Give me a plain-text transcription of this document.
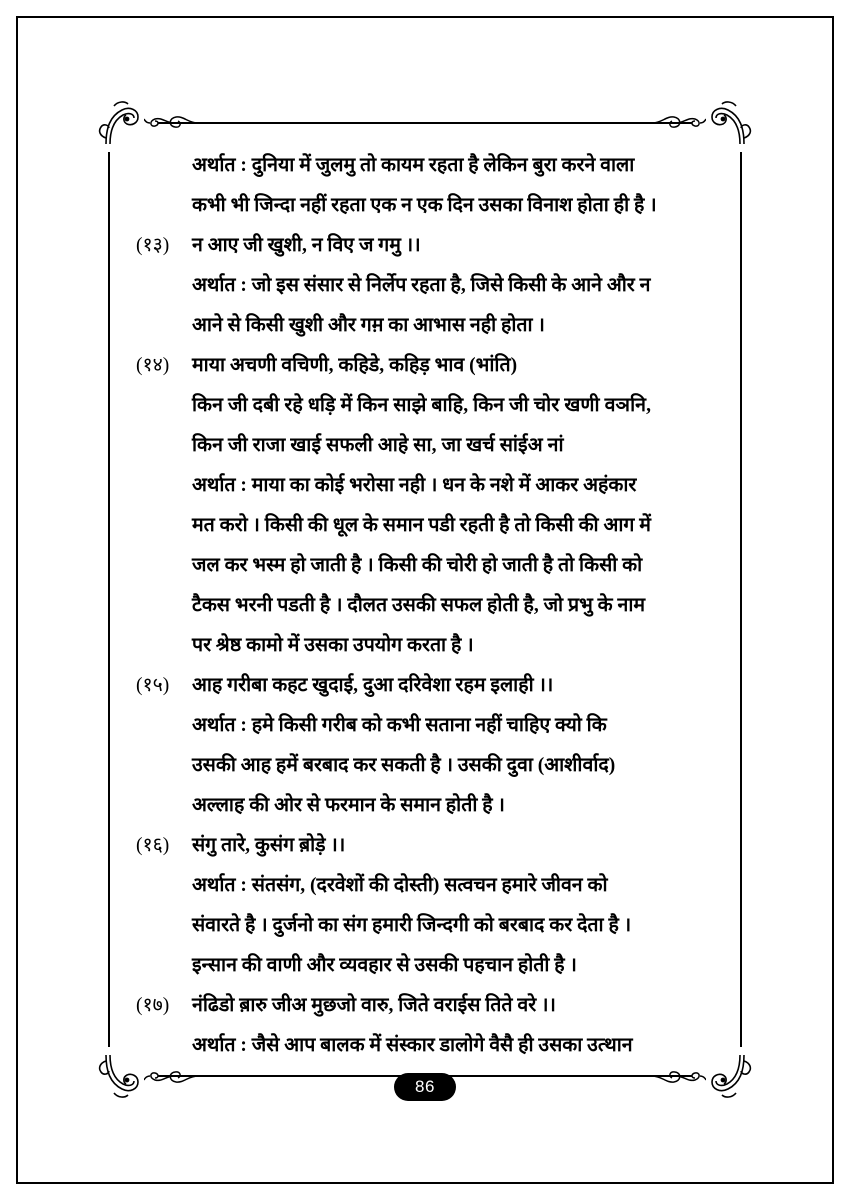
अर्थात : दुनिया में जुलमु तो कायम रहता है लेकिन बुरा करने वाला
कभी भी जिन्दा नहीं रहता एक न एक दिन उसका विनाश होता ही है ।
(१३)	न आए जी खुशी, न विए ज गमु ।।
अर्थात : जो इस संसार से निर्लेप रहता है, जिसे किसी के आने और न
आने से किसी खुशी और गम़ का आभास नही होता ।
(१४)	माया अचणी वचिणी, कहिडे, कहिड़ भाव (भांति)
किन जी दबी रहे धड़ि में किन साझे बाहि, किन जी चोर खणी वञनि,
किन जी राजा खाई सफली आहे सा, जा खर्च सांईअ नां
अर्थात : माया का कोई भरोसा नही । धन के नशे में आकर अहंकार
मत करो । किसी की धूल के समान पडी रहती है तो किसी की आग में
जल कर भस्म हो जाती है । किसी की चोरी हो जाती है तो किसी को
टैकस भरनी पडती है । दौलत उसकी सफल होती है, जो प्रभु के नाम
पर श्रेष्ठ कामो में उसका उपयोग करता है ।
(१५)	आह गरीबा कहट खुदाई, दुआ दरिवेशा रहम इलाही ।।
अर्थात : हमे किसी गरीब को कभी सताना नहीं चाहिए क्यो कि
उसकी आह हमें बरबाद कर सकती है । उसकी दुवा (आशीर्वाद)
अल्लाह की ओर से फरमान के समान होती है ।
(१६)	संगु तारे, कुसंग ब़ोड़े ।।
अर्थात : संतसंग, (दरवेशों की दोस्ती) सत्वचन हमारे जीवन को
संवारते है । दुर्जनो का संग हमारी जिन्दगी को बरबाद कर देता है ।
इन्सान की वाणी और व्यवहार से उसकी पहचान होती है ।
(१७)	नंढिडो ब़ारु जीअ मुछजो वारु, जिते वराईस तिते वरे ।।
अर्थात : जैसे आप बालक में संस्कार डालोगे वैसै ही उसका उत्थान
86
